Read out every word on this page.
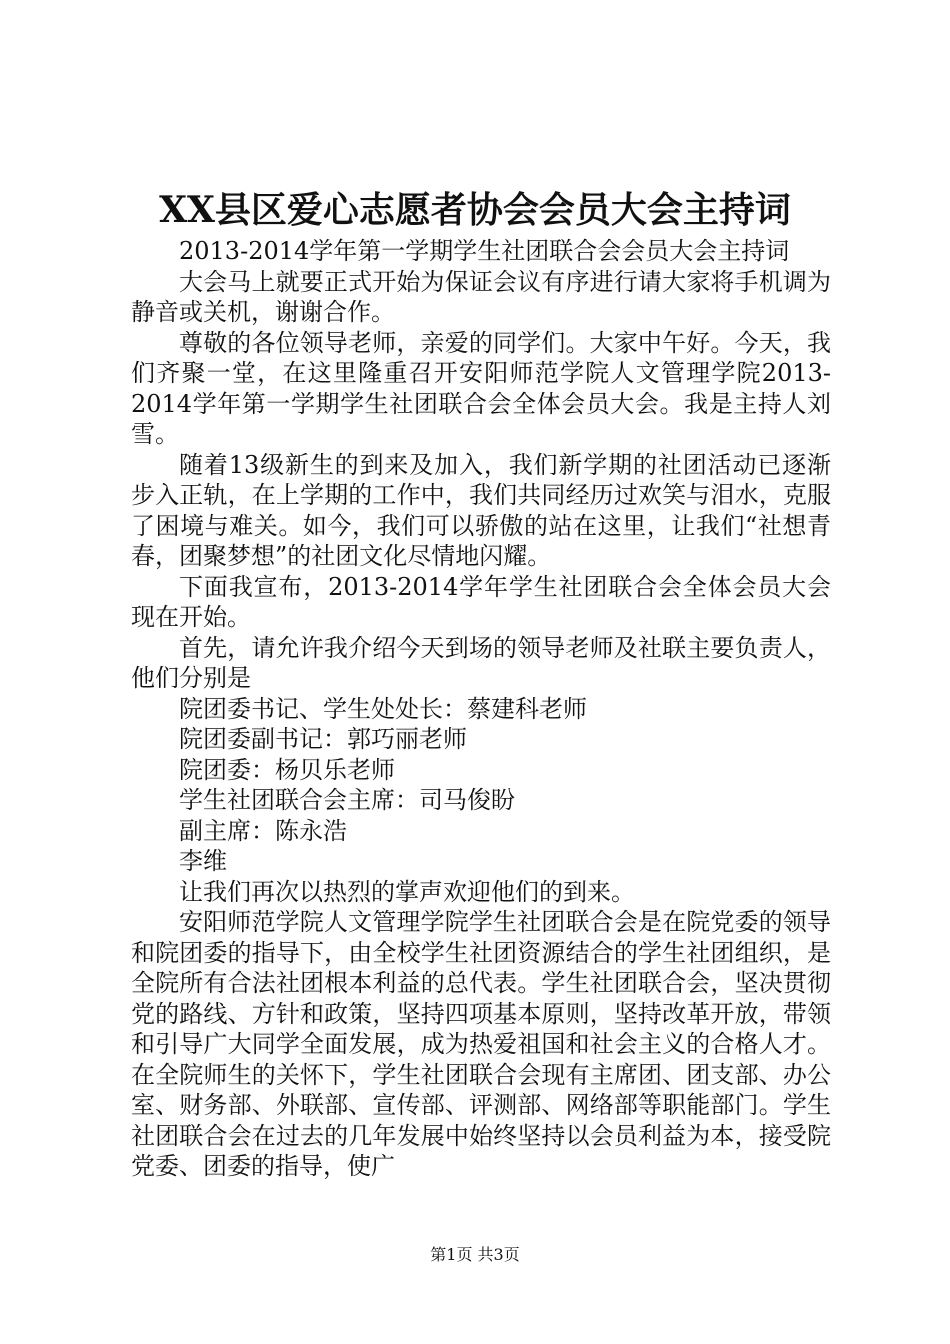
XX县区爱心志愿者协会会员大会主持词

2013-2014学年第一学期学生社团联合会会员大会主持词

大会马上就要正式开始为保证会议有序进行请大家将手机调为静音或关机，谢谢合作。

尊敬的各位领导老师，亲爱的同学们。大家中午好。今天，我们齐聚一堂，在这里隆重召开安阳师范学院人文管理学院2013-2014学年第一学期学生社团联合会全体会员大会。我是主持人刘雪。

随着13级新生的到来及加入，我们新学期的社团活动已逐渐步入正轨，在上学期的工作中，我们共同经历过欢笑与泪水，克服了困境与难关。如今，我们可以骄傲的站在这里，让我们“社想青春，团聚梦想”的社团文化尽情地闪耀。

下面我宣布，2013-2014学年学生社团联合会全体会员大会现在开始。

首先，请允许我介绍今天到场的领导老师及社联主要负责人，他们分别是

院团委书记、学生处处长：蔡建科老师

院团委副书记：郭巧丽老师

院团委：杨贝乐老师

学生社团联合会主席：司马俊盼

副主席：陈永浩

李维

让我们再次以热烈的掌声欢迎他们的到来。

安阳师范学院人文管理学院学生社团联合会是在院党委的领导和院团委的指导下，由全校学生社团资源结合的学生社团组织，是全院所有合法社团根本利益的总代表。学生社团联合会，坚决贯彻党的路线、方针和政策，坚持四项基本原则，坚持改革开放，带领和引导广大同学全面发展，成为热爱祖国和社会主义的合格人才。在全院师生的关怀下，学生社团联合会现有主席团、团支部、办公室、财务部、外联部、宣传部、评测部、网络部等职能部门。学生社团联合会在过去的几年发展中始终坚持以会员利益为本，接受院党委、团委的指导，使广

第1页 共3页
